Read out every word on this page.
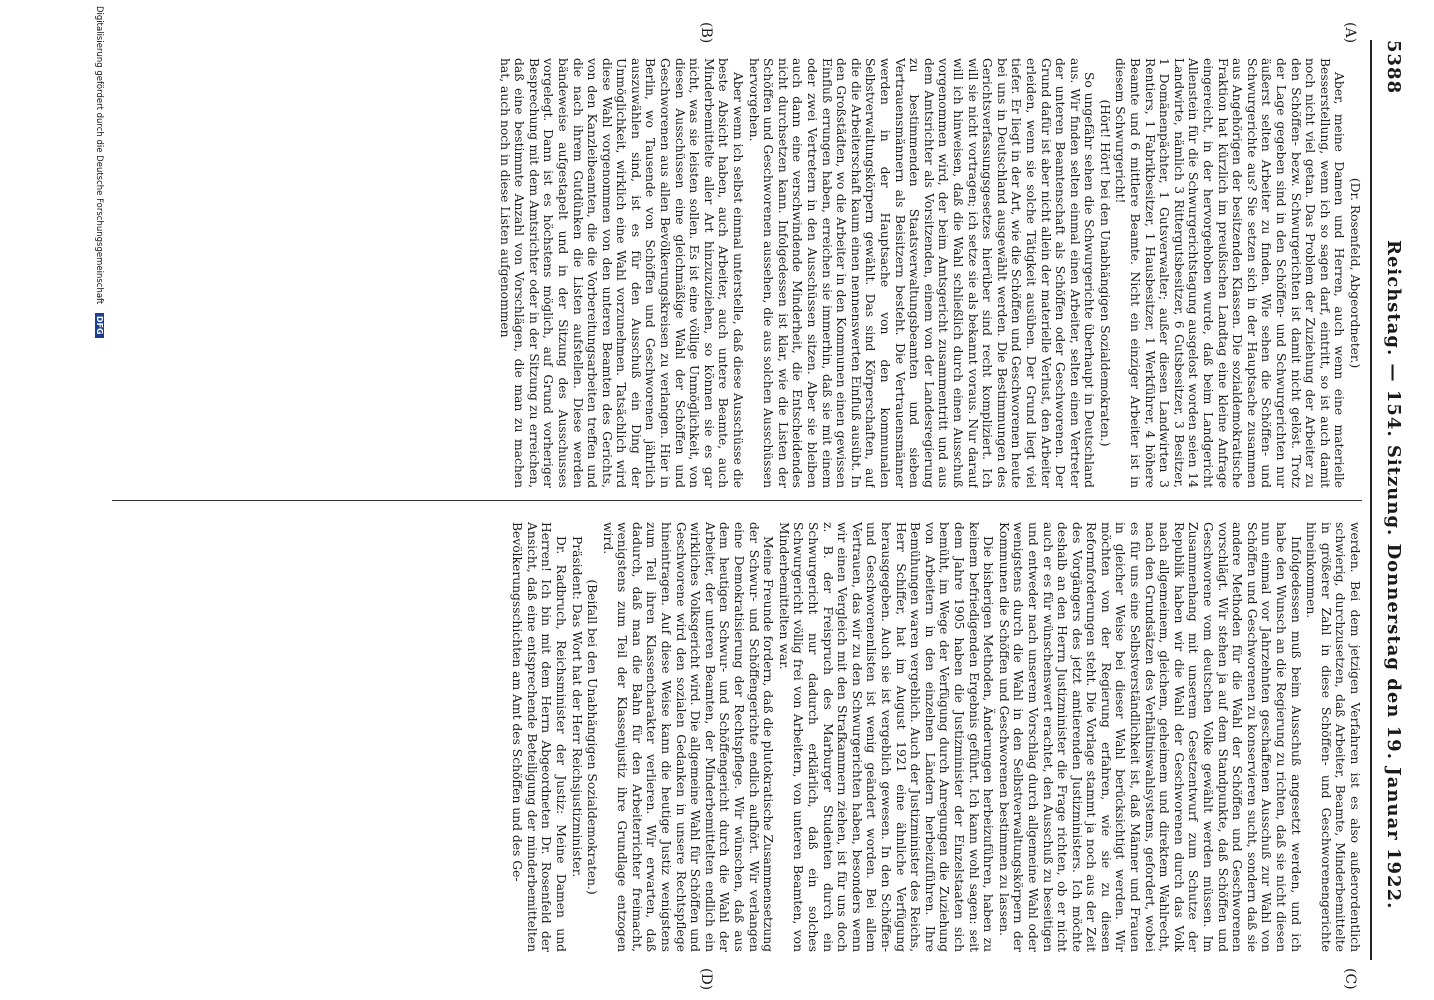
5388
Reichstag. — 154. Sitzung. Donnerstag den 19. Januar 1922.
(A)
(B)
(C)
(D)

(Dr. Rosenfeld, Abgeordneter.)

Aber, meine Damen und Herren, auch wenn eine materielle Besserstellung, wenn ich so sagen darf, eintritt, so ist auch damit noch nicht viel getan. Das Problem der Zuziehung der Arbeiter zu den Schöffen- bezw. Schwurgerichten ist damit nicht gelöst. Trotz der Lage gegeben sind in den Schöffen- und Schwurgerichten nur äußerst selten Arbeiter zu finden. Wie sehen die Schöffen- und Schwurgerichte aus? Sie setzen sich in der Hauptsache zusammen aus Angehörigen der besitzenden Klassen. Die sozialdemokratische Fraktion hat kürzlich im preußischen Landtag eine kleine Anfrage eingereicht, in der hervorgehoben wurde, daß beim Landgericht Allenstein für die Schwurgerichtstagung ausgelost worden seien 14 Landwirte, nämlich 3 Rittergutsbesitzer, 6 Gutsbesitzer, 3 Besitzer, 1 Domänenpächter, 1 Gutsverwalter; außer diesen Landwirten 3 Rentiers, 1 Fabrikbesitzer, 1 Hausbesitzer, 1 Werkführer, 4 höhere Beamte und 6 mittlere Beamte. Nicht ein einziger Arbeiter ist in diesem Schwurgericht!

(Hört! Hört! bei den Unabhängigen Sozialdemokraten.)

So ungefähr sehen die Schwurgerichte überhaupt in Deutschland aus. Wir finden selten einmal einen Arbeiter, selten einen Vertreter der unteren Beamtenschaft als Schöffen oder Geschworenen. Der Grund dafür ist aber nicht allein der materielle Verlust, den Arbeiter erleiden, wenn sie solche Tätigkeit ausüben. Der Grund liegt viel tiefer. Er liegt in der Art, wie die Schöffen und Geschworenen heute bei uns in Deutschland ausgewählt werden. Die Bestimmungen des Gerichtsverfassungsgesetzes hierüber sind recht kompliziert. Ich will sie nicht vortragen; ich setze sie als bekannt voraus. Nur darauf will ich hinweisen, daß die Wahl schließlich durch einen Ausschuß vorgenommen wird, der beim Amtsgericht zusammentritt und aus dem Amtsrichter als Vorsitzenden, einem von der Landesregierung zu bestimmenden Staatsverwaltungsbeamten und sieben Vertrauensmännern als Beisitzern besteht. Die Vertrauensmänner werden in der Hauptsache von den kommunalen Selbstverwaltungskörpern gewählt. Das sind Körperschaften, auf die die Arbeiterschaft kaum einen nennenswerten Einfluß ausübt. In den Großstädten, wo die Arbeiter in den Kommunen einen gewissen Einfluß errungen haben, erreichen sie immerhin, daß sie mit einem oder zwei Vertretern in den Ausschüssen sitzen. Aber sie bleiben auch dann eine verschwindende Minderheit, die Entscheidendes nicht durchsetzen kann. Infolgedessen ist klar, wie die Listen der Schöffen und Geschworenen aussehen, die aus solchen Ausschüssen hervorgehen.

Aber wenn ich selbst einmal unterstelle, daß diese Ausschüsse die beste Absicht haben, auch Arbeiter, auch untere Beamte, auch Minderbemittelte aller Art hinzuzuziehen, so können sie es gar nicht, was sie leisten sollen. Es ist eine völlige Unmöglichkeit, von diesen Ausschüssen eine gleichmäßige Wahl der Schöffen und Geschworenen aus allen Bevölkerungskreisen zu verlangen. Hier in Berlin, wo Tausende von Schöffen und Geschworenen jährlich auszuwählen sind, ist es für den Ausschuß ein Ding der Unmöglichkeit, wirklich eine Wahl vorzunehmen. Tatsächlich wird diese Wahl vorgenommen von den unteren Beamten des Gerichts, von den Kanzleibeamten, die die Vorbereitungsarbeiten treffen und die nach ihrem Gutdünken die Listen aufstellen. Diese werden bändeweise aufgestapelt und in der Sitzung des Ausschusses vorgelegt. Dann ist es höchstens möglich, auf Grund vorheriger Besprechung mit dem Amtsrichter oder in der Sitzung zu erreichen, daß eine bestimmte Anzahl von Vorschlägen, die man zu machen hat, auch noch in diese Listen aufgenommen

werden. Bei dem jetzigen Verfahren ist es also außerordentlich schwierig, durchzusetzen, daß Arbeiter, Beamte, Minderbemittelte in größerer Zahl in diese Schöffen- und Geschworenengerichte hineinkommen.

Infolgedessen muß beim Ausschuß angesetzt werden, und ich habe den Wunsch an die Regierung zu richten, daß sie nicht diesen nun einmal vor Jahrzehnten geschaffenen Ausschuß zur Wahl von Schöffen und Geschworenen zu konservieren sucht, sondern daß sie andere Methoden für die Wahl der Schöffen und Geschworenen vorschlägt. Wir stehen ja auf dem Standpunkte, daß Schöffen und Geschworene vom deutschen Volke gewählt werden müssen. Im Zusammenhang mit unserem Gesetzentwurf zum Schutze der Republik haben wir die Wahl der Geschworenen durch das Volk nach allgemeinem, gleichem, geheimem und direktem Wahlrecht, nach den Grundsätzen des Verhältniswahlsystems, gefordert, wobei es für uns eine Selbstverständlichkeit ist, daß Männer und Frauen in gleicher Weise bei dieser Wahl berücksichtigt werden. Wir möchten von der Regierung erfahren, wie sie zu diesen Reformforderungen steht. Die Vorlage stammt ja noch aus der Zeit des Vorgängers des jetzt amtierenden Justizministers. Ich möchte deshalb an den Herrn Justizminister die Frage richten, ob er nicht auch er es für wünschenswert erachtet, den Ausschuß zu beseitigen und entweder nach unserem Vorschlag durch allgemeine Wahl oder wenigstens durch die Wahl in den Selbstverwaltungskörpern der Kommunen die Schöffen und Geschworenen bestimmen zu lassen.

Die bisherigen Methoden, Änderungen herbeizuführen, haben zu keinem befriedigenden Ergebnis geführt. Ich kann wohl sagen: seit dem Jahre 1905 haben die Justizminister der Einzelstaaten sich bemüht, im Wege der Verfügung durch Anregungen die Zuziehung von Arbeitern in den einzelnen Ländern herbeizuführen. Ihre Bemühungen waren vergeblich. Auch der Justizminister des Reichs, Herr Schiffer, hat im August 1921 eine ähnliche Verfügung herausgegeben. Auch sie ist vergeblich gewesen. In den Schöffen- und Geschworenenlisten ist wenig geändert worden. Bei allem Vertrauen, das wir zu den Schwurgerichten haben, besonders wenn wir einen Vergleich mit den Strafkammern ziehen, ist für uns doch z. B. der Freispruch des Marburger Studenten durch ein Schwurgericht nur dadurch erklärlich, daß ein solches Schwurgericht völlig frei von Arbeitern, von unteren Beamten, von Minderbemittelten war.

Meine Freunde fordern, daß die plutokratische Zusammensetzung der Schwur- und Schöffengerichte endlich aufhört. Wir verlangen eine Demokratisierung der Rechtspflege. Wir wünschen, daß aus dem heutigen Schwur- und Schöffengericht durch die Wahl der Arbeiter, der unteren Beamten, der Minderbemittelten endlich ein wirkliches Volksgericht wird. Die allgemeine Wahl für Schöffen und Geschworene wird den sozialen Gedanken in unsere Rechtspflege hineintragen. Auf diese Weise kann die heutige Justiz wenigstens zum Teil ihren Klassencharakter verlieren. Wir erwarten, daß dadurch, daß man die Bahn für den Arbeiterrichter freimacht, wenigstens zum Teil der Klassenjustiz ihre Grundlage entzogen wird.

(Beifall bei den Unabhängigen Sozialdemokraten.)

Präsident: Das Wort hat der Herr Reichsjustizminister.

Dr. Radbruch, Reichsminister der Justiz: Meine Damen und Herren! Ich bin mit dem Herrn Abgeordneten Dr. Rosenfeld der Ansicht, daß eine entsprechende Beteiligung der minderbemittelten Bevölkerungsschichten am Amt des Schöffen und des Ge-

Digitalisierung gefördert durch die Deutsche Forschungsgemeinschaft DFG
